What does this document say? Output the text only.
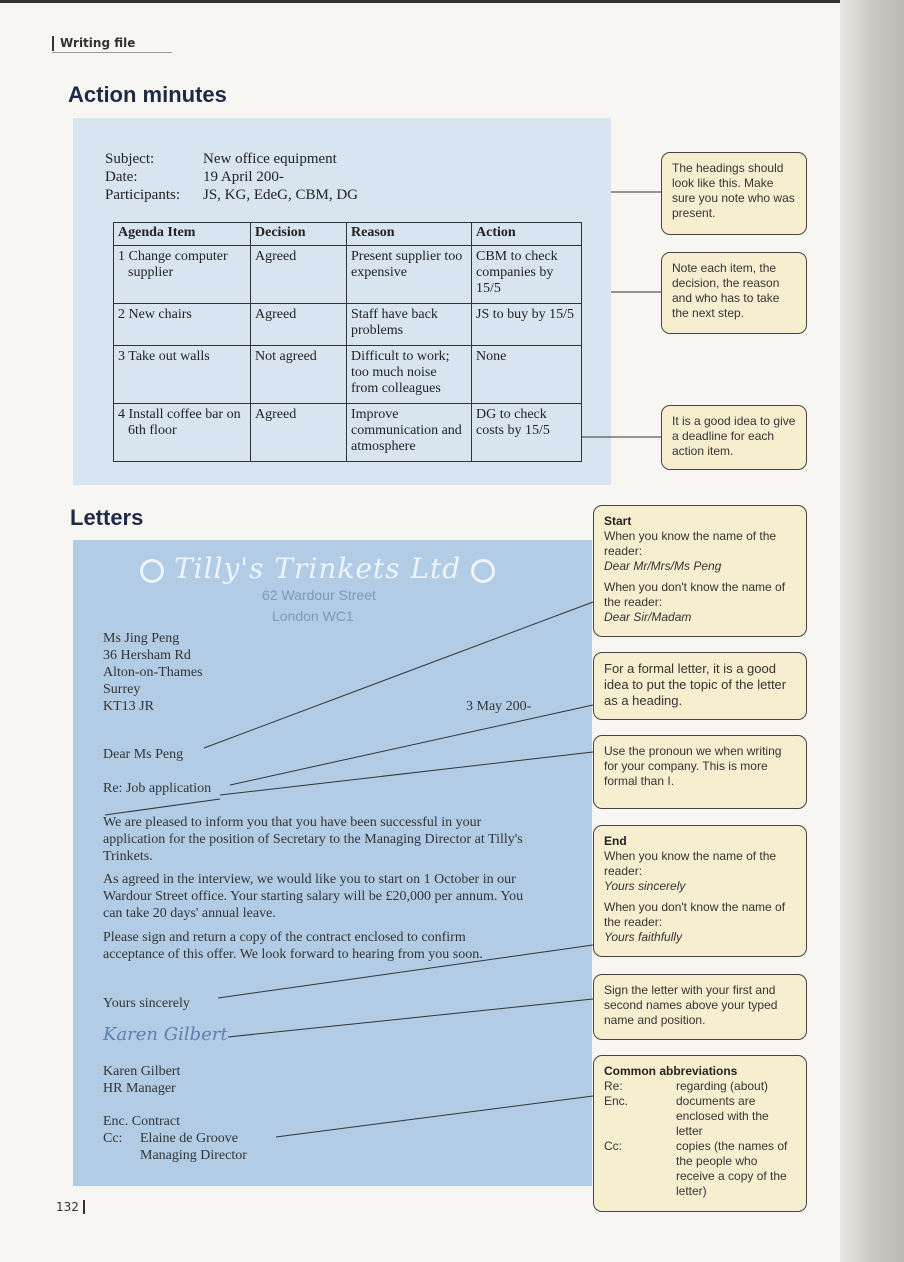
Writing file
Action minutes
Subject:	New office equipment
Date:	19 April 200-
Participants: JS, KG, EdeG, CBM, DG
Agenda Item	Decision	Reason	Action
1 Change computer supplier	Agreed	Present supplier too expensive	CBM to check companies by 15/5
2 New chairs	Agreed	Staff have back problems	JS to buy by 15/5
3 Take out walls	Not agreed	Difficult to work; too much noise from colleagues	None
4 Install coffee bar on 6th floor	Agreed	Improve communication and atmosphere	DG to check costs by 15/5
The headings should look like this. Make sure you note who was present.
Note each item, the decision, the reason and who has to take the next step.
It is a good idea to give a deadline for each action item.
Letters
Tilly's Trinkets Ltd
62 Wardour Street
London WC1
Ms Jing Peng
36 Hersham Rd
Alton-on-Thames
Surrey
KT13 JR	3 May 200-
Dear Ms Peng
Re: Job application
We are pleased to inform you that you have been successful in your application for the position of Secretary to the Managing Director at Tilly's Trinkets.
As agreed in the interview, we would like you to start on 1 October in our Wardour Street office. Your starting salary will be £20,000 per annum. You can take 20 days' annual leave.
Please sign and return a copy of the contract enclosed to confirm acceptance of this offer. We look forward to hearing from you soon.
Yours sincerely
Karen Gilbert
Karen Gilbert
HR Manager
Enc. Contract
Cc: Elaine de Groove
Managing Director
Start
When you know the name of the reader:

Dear Mr/Mrs/Ms Peng

When you don't know the name of the reader:
Dear Sir/Madam
For a formal letter, it is a good idea to put the topic of the letter as a heading.
Use the pronoun we when writing for your company. This is more formal than I.
End
When you know the name of the reader:

Yours sincerely

When you don't know the name of the reader:
Yours faithfully
Sign the letter with your first and second names above your typed name and position.
Common abbreviations
Re:	regarding (about)
Enc.	documents are enclosed with the letter
Cc:	copies (the names of the people who receive a copy of the letter)
132
